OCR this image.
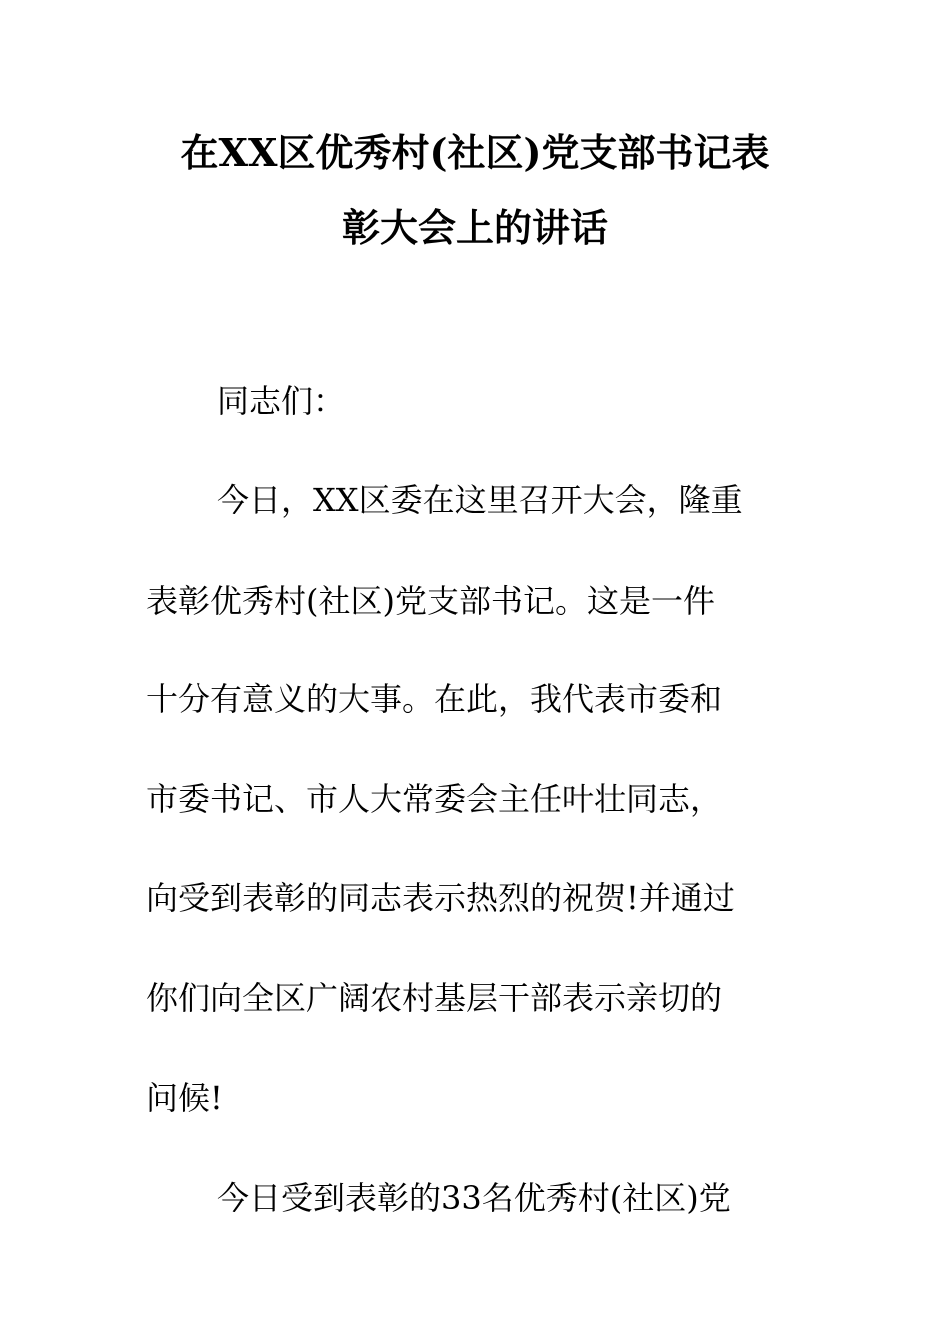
在XX区优秀村(社区)党支部书记表
彰大会上的讲话
同志们：
今日，XX区委在这里召开大会，隆重
表彰优秀村(社区)党支部书记。这是一件
十分有意义的大事。在此，我代表市委和
市委书记、市人大常委会主任叶壮同志，
向受到表彰的同志表示热烈的祝贺!并通过
你们向全区广阔农村基层干部表示亲切的
问候!
今日受到表彰的33名优秀村(社区)党
